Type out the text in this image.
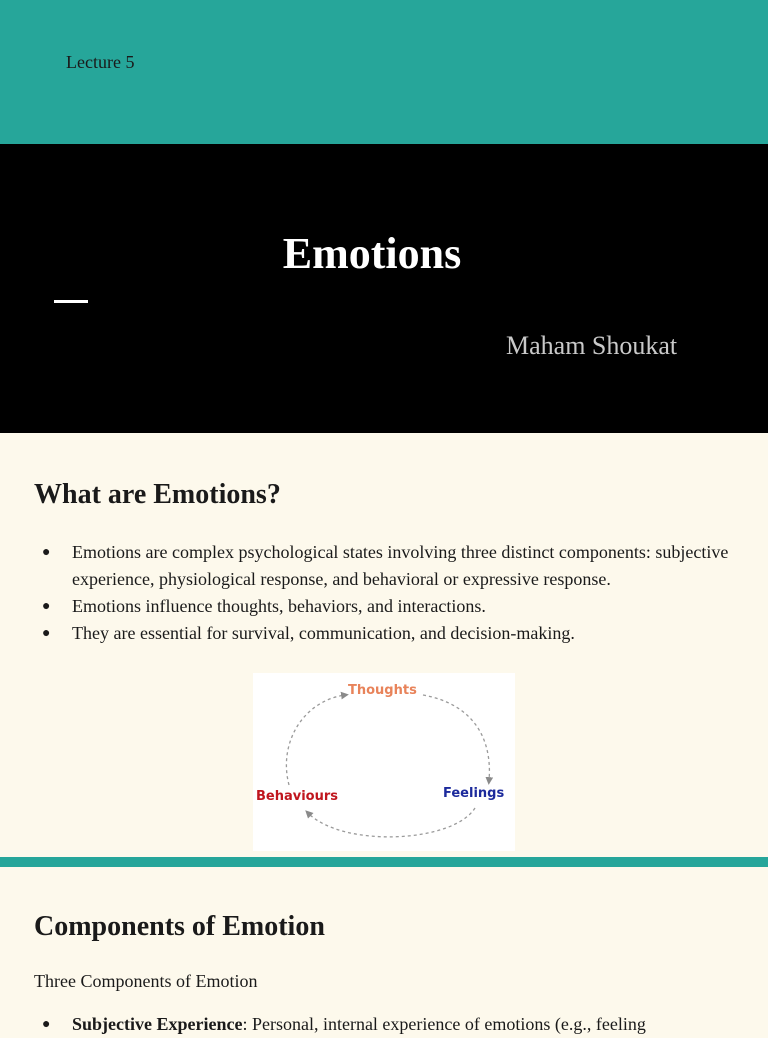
Lecture 5
Emotions
Maham Shoukat
What are Emotions?
● Emotions are complex psychological states involving three distinct components: subjective experience, physiological response, and behavioral or expressive response.
● Emotions influence thoughts, behaviors, and interactions.
● They are essential for survival, communication, and decision-making.
Thoughts
Behaviours	Feelings
Components of Emotion
Three Components of Emotion
● Subjective Experience: Personal, internal experience of emotions (e.g., feeling
